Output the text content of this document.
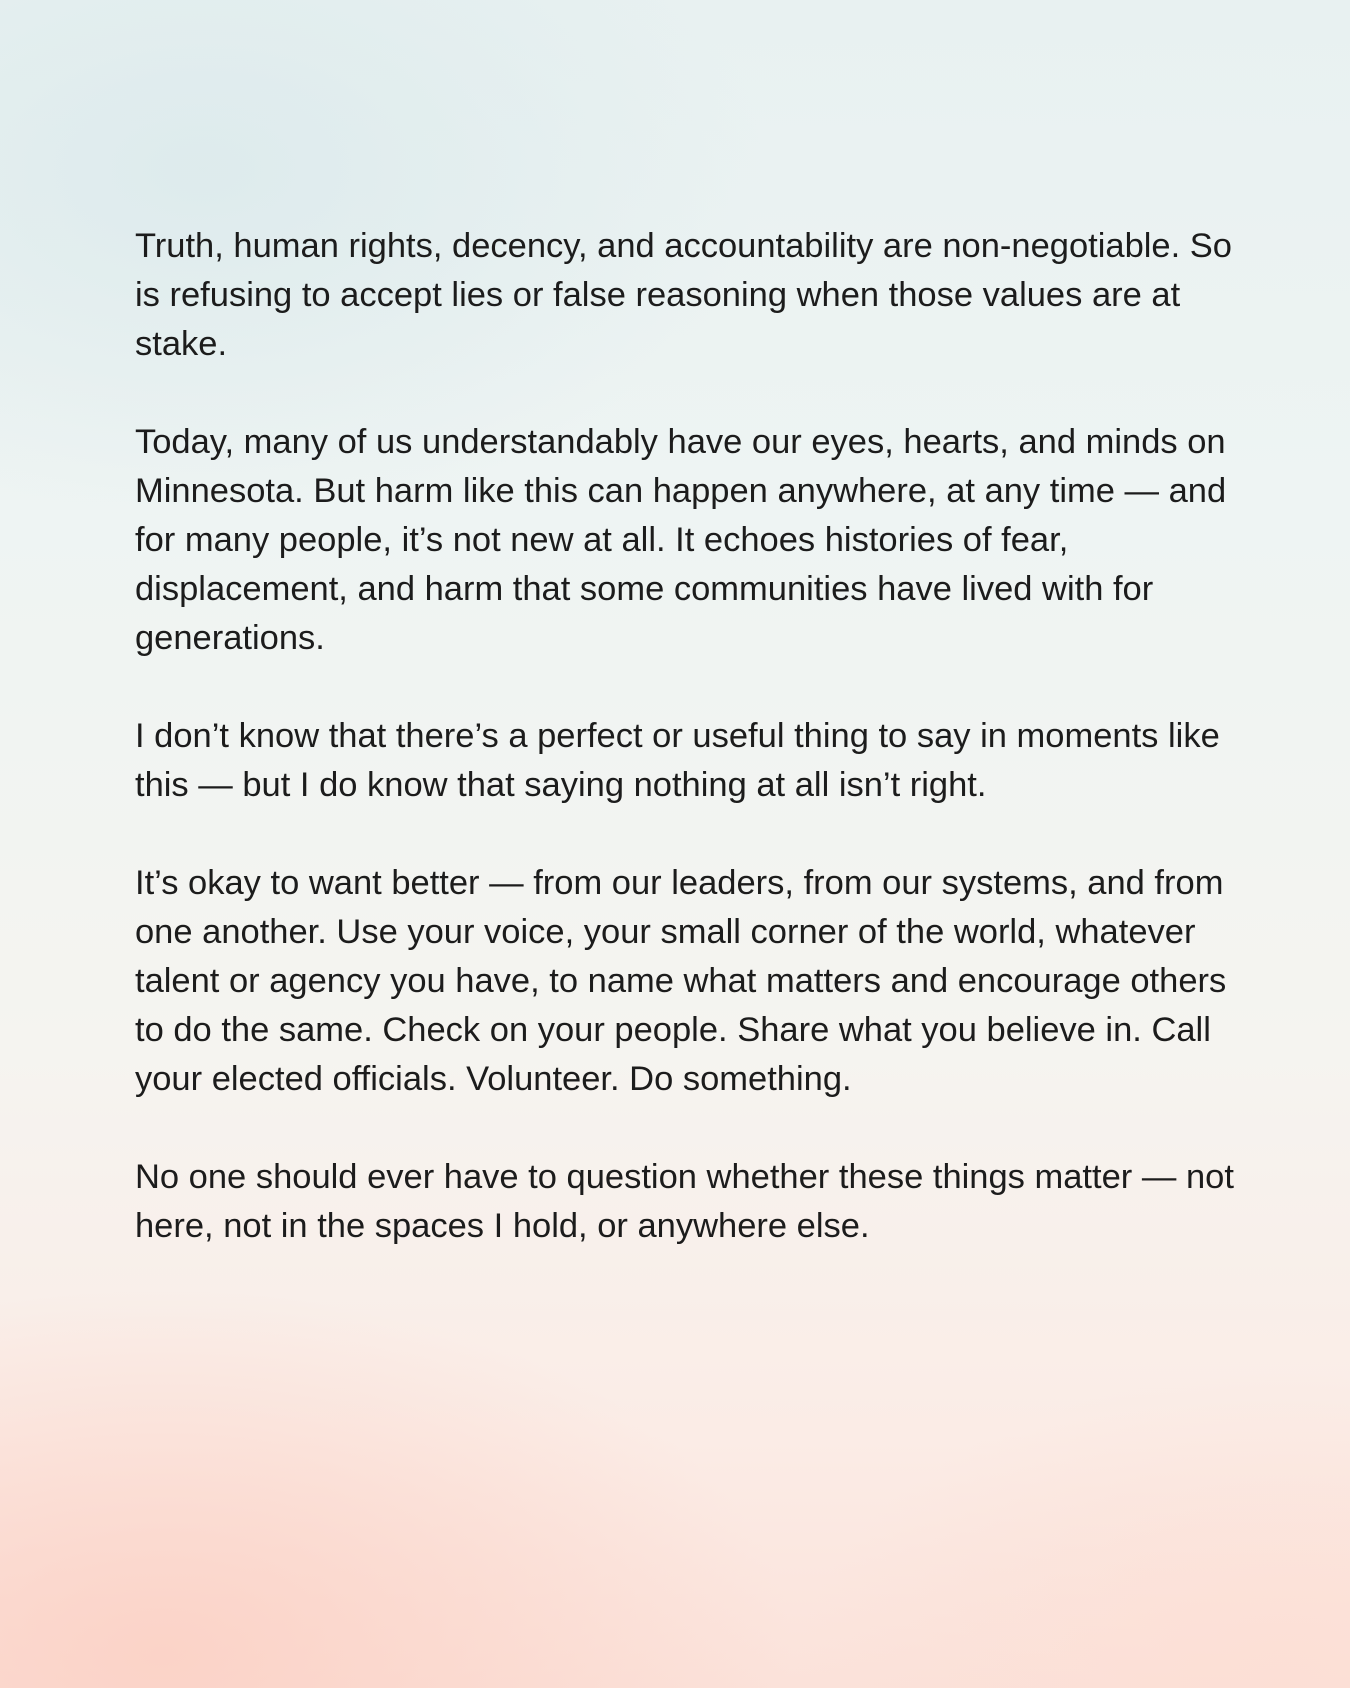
Truth, human rights, decency, and accountability are non-negotiable. So is refusing to accept lies or false reasoning when those values are at stake.

Today, many of us understandably have our eyes, hearts, and minds on Minnesota. But harm like this can happen anywhere, at any time — and for many people, it’s not new at all. It echoes histories of fear, displacement, and harm that some communities have lived with for generations.

I don’t know that there’s a perfect or useful thing to say in moments like this — but I do know that saying nothing at all isn’t right.

It’s okay to want better — from our leaders, from our systems, and from one another. Use your voice, your small corner of the world, whatever talent or agency you have, to name what matters and encourage others to do the same. Check on your people. Share what you believe in. Call your elected officials. Volunteer. Do something.

No one should ever have to question whether these things matter — not here, not in the spaces I hold, or anywhere else.
